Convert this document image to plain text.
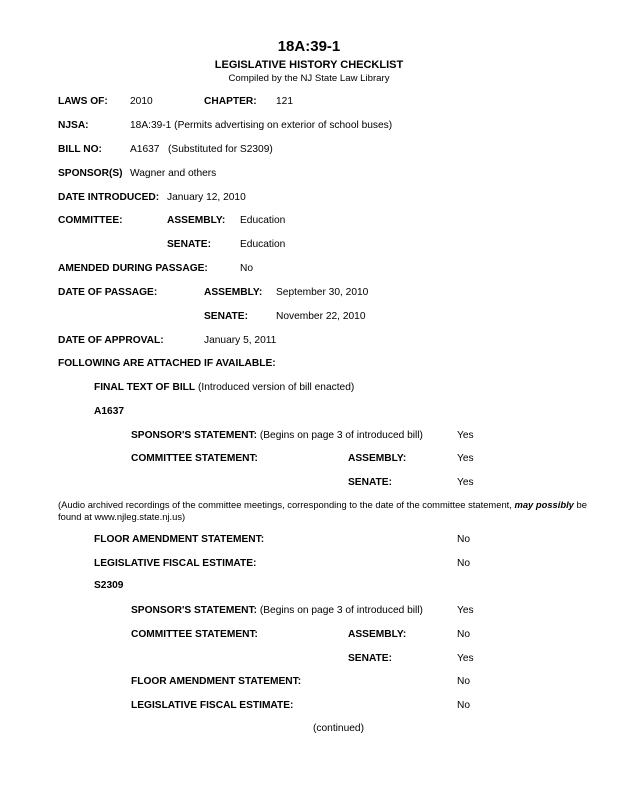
18A:39-1
LEGISLATIVE HISTORY CHECKLIST
Compiled by the NJ State Law Library
LAWS OF: 2010	CHAPTER: 121
NJSA:	18A:39-1 (Permits advertising on exterior of school buses)
BILL NO:	A1637 (Substituted for S2309)
SPONSOR(S) Wagner and others
DATE INTRODUCED: January 12, 2010
COMMITTEE:	ASSEMBLY: Education
SENATE:	Education
AMENDED DURING PASSAGE:	No
DATE OF PASSAGE:	ASSEMBLY: September 30, 2010
SENATE:	November 22, 2010
DATE OF APPROVAL:	January 5, 2011
FOLLOWING ARE ATTACHED IF AVAILABLE:
FINAL TEXT OF BILL (Introduced version of bill enacted)
A1637
SPONSOR'S STATEMENT: (Begins on page 3 of introduced bill)	Yes
COMMITTEE STATEMENT:	ASSEMBLY:	Yes
SENATE:	Yes
(Audio archived recordings of the committee meetings, corresponding to the date of the committee statement, may possibly be found at www.njleg.state.nj.us)
FLOOR AMENDMENT STATEMENT:	No
LEGISLATIVE FISCAL ESTIMATE:	No
S2309
SPONSOR'S STATEMENT: (Begins on page 3 of introduced bill)	Yes
COMMITTEE STATEMENT:	ASSEMBLY:	No
SENATE:	Yes
FLOOR AMENDMENT STATEMENT:	No
LEGISLATIVE FISCAL ESTIMATE:	No
(continued)
